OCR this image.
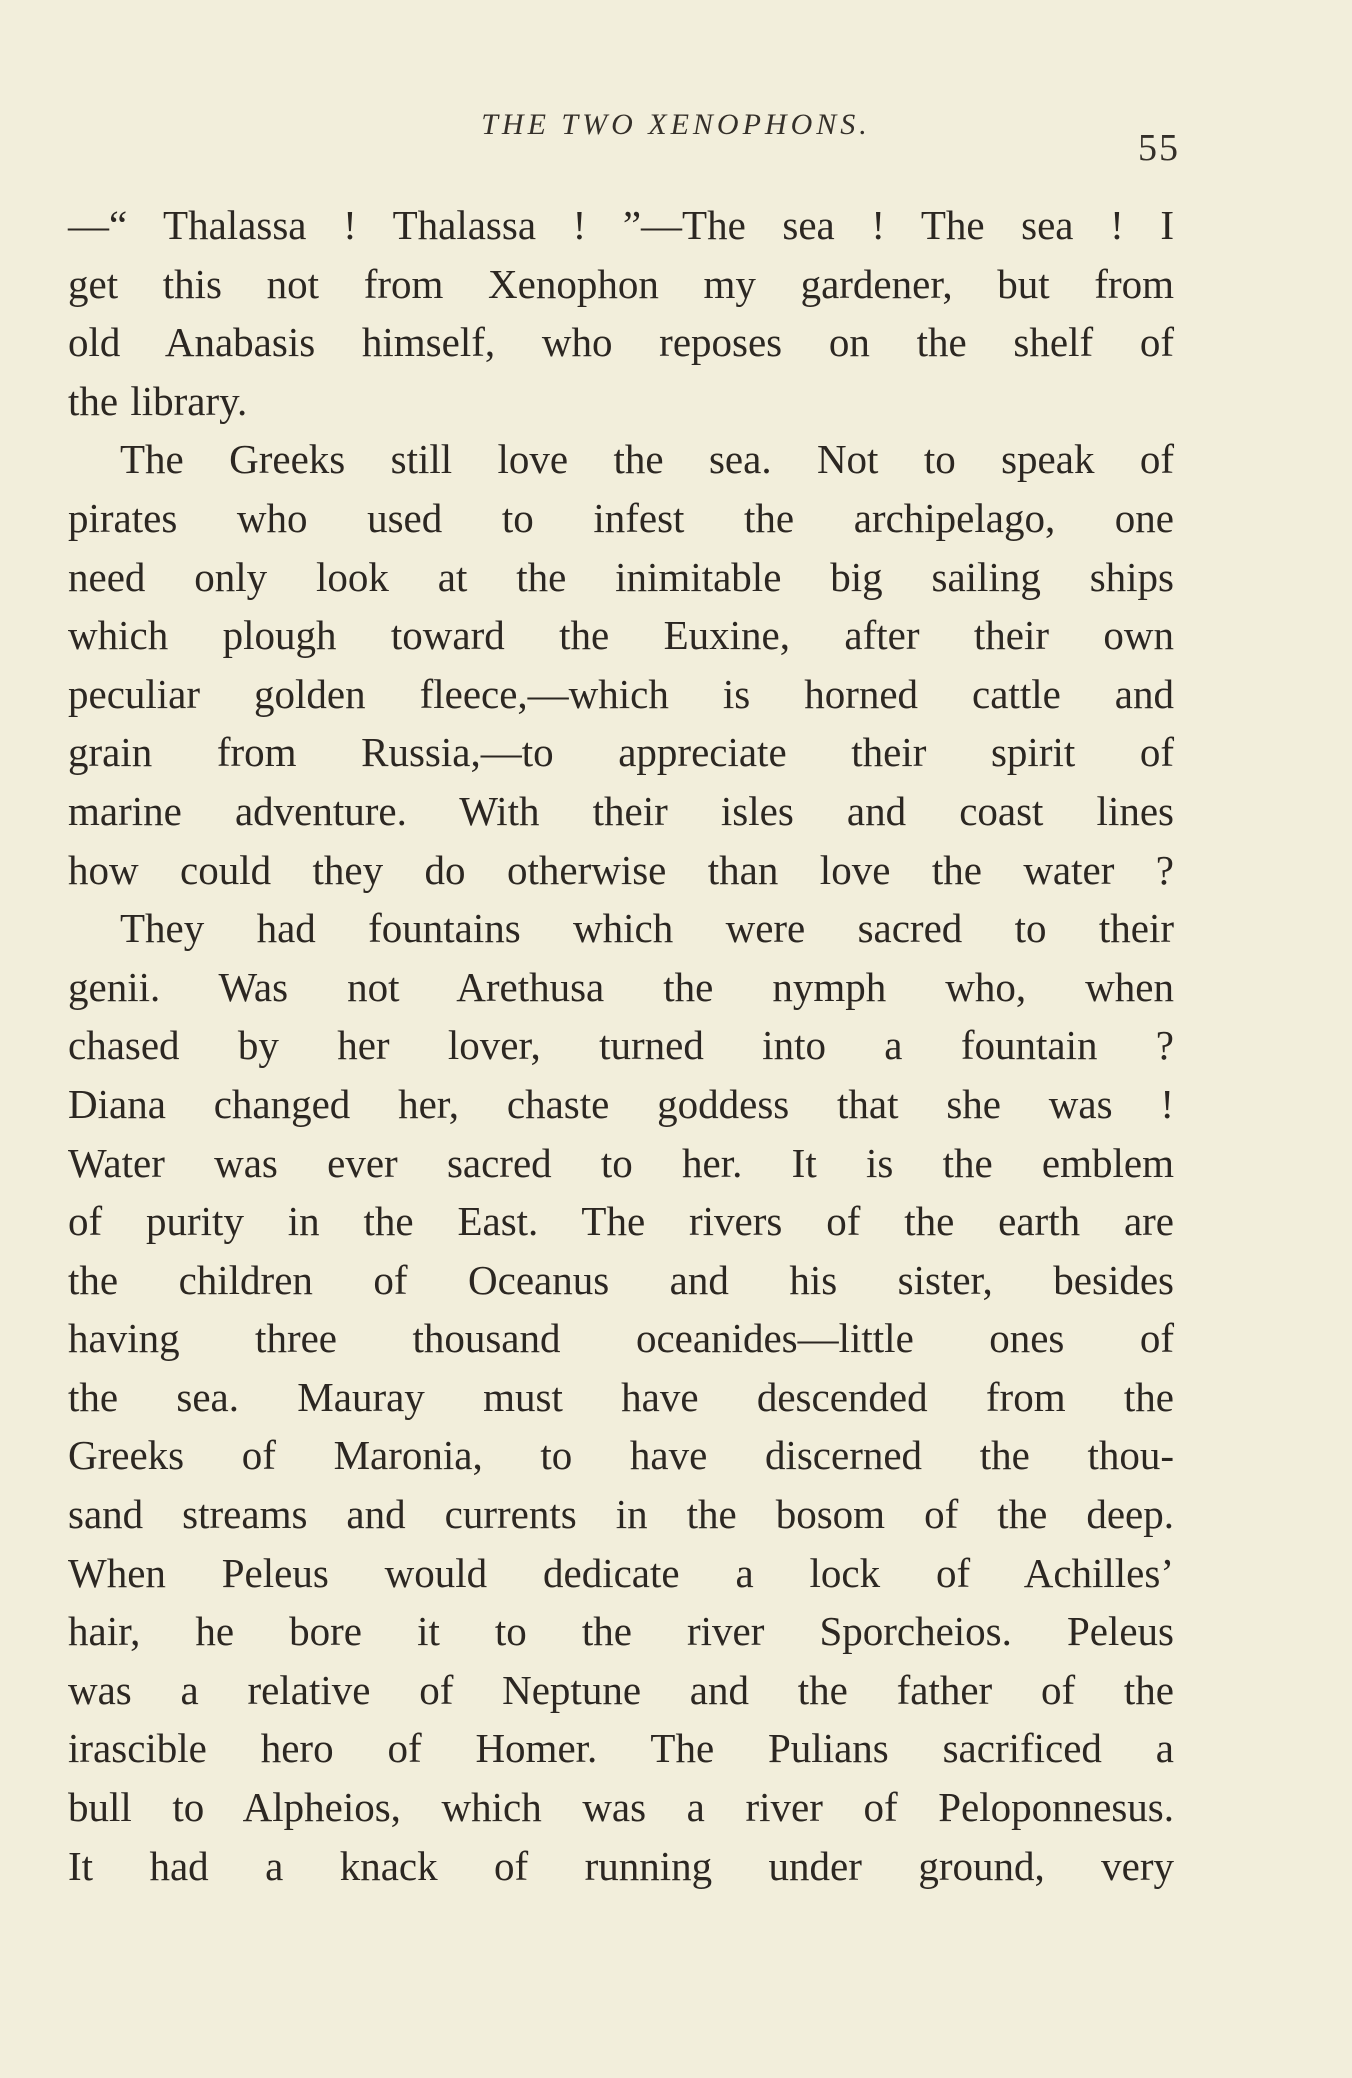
THE TWO XENOPHONS.
55
—“ Thalassa ! Thalassa ! ”—The sea ! The sea ! I
get this not from Xenophon my gardener, but from
old Anabasis himself, who reposes on the shelf of
the library.
The Greeks still love the sea. Not to speak of
pirates who used to infest the archipelago, one
need only look at the inimitable big sailing ships
which plough toward the Euxine, after their own
peculiar golden fleece,—which is horned cattle and
grain from Russia,—to appreciate their spirit of
marine adventure. With their isles and coast lines
how could they do otherwise than love the water ?
They had fountains which were sacred to their
genii. Was not Arethusa the nymph who, when
chased by her lover, turned into a fountain ?
Diana changed her, chaste goddess that she was !
Water was ever sacred to her. It is the emblem
of purity in the East. The rivers of the earth are
the children of Oceanus and his sister, besides
having three thousand oceanides—little ones of
the sea. Mauray must have descended from the
Greeks of Maronia, to have discerned the thou-
sand streams and currents in the bosom of the deep.
When Peleus would dedicate a lock of Achilles’
hair, he bore it to the river Sporcheios. Peleus
was a relative of Neptune and the father of the
irascible hero of Homer. The Pulians sacrificed a
bull to Alpheios, which was a river of Peloponnesus.
It had a knack of running under ground, very
